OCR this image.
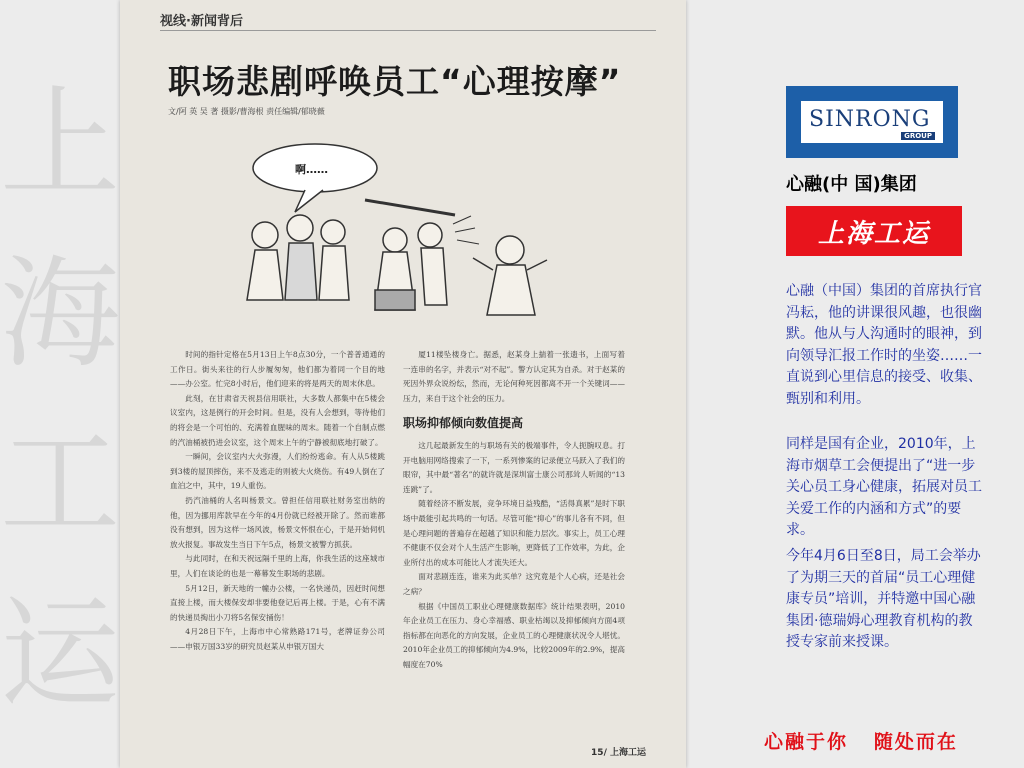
上海工运
视线·新闻背后
职场悲剧呼唤员工“心理按摩”
文/阿 英 吴 著 摄影/曹海根 责任编辑/郁晓薇
啊……

时间的指针定格在5月13日上午8点30分，一个普普通通的工作日。街头来往的行人步履匆匆，他们都为着同一个目的地——办公室。忙完8小时后，他们迎来的将是两天的周末休息。

此刻，在甘肃省天祝县信用联社，大多数人都集中在5楼会议室内，这是例行的开会时间。但是，没有人会想到，等待他们的将会是一个可怕的、充满着血腥味的周末。随着一个自制点燃的汽油桶被扔进会议室，这个周末上午的宁静被彻底地打破了。

一瞬间，会议室内大火弥漫，人们纷纷逃命。有人从5楼跳到3楼的屋顶摔伤，来不及逃走的则被大火烧伤。有49人倒在了血泊之中，其中，19人重伤。

扔汽油桶的人名叫杨景文。曾担任信用联社财务室出纳的他，因为挪用库款早在今年的4月份就已经被开除了。然而谁都没有想到，因为这样一场风波，杨景文怀恨在心，于是开始伺机放火报复。事故发生当日下午5点，杨景文被警方抓获。

与此同时，在和天祝远隔千里的上海，你我生活的这座城市里，人们在谈论的也是一幕幕发生职场的悲剧。

5月12日，新天地的一幢办公楼，一名快递员，因赶时间想直接上楼，而大楼保安却非要他登记后再上楼。于是，心有不满的快递员掏出小刀将5名保安捅伤！

4月28日下午，上海市中心常熟路171号，老牌证券公司——申银万国33岁的研究员赵某从申银万国大

厦11楼坠楼身亡。据悉，赵某身上揣着一张遗书，上面写着一连串的名字，并表示“对不起”。警方认定其为自杀。对于赵某的死因外界众说纷纭，然而，无论何种死因都离不开一个关键词——压力，来自于这个社会的压力。

职场抑郁倾向数值提高

这几起最新发生的与职场有关的极端事件，令人扼腕叹息。打开电脑用网络搜索了一下，一系列惨案的记录便立马跃入了我们的眼帘，其中最“著名”的就许就是深圳富士康公司那耸人听闻的“13连跳”了。

随着经济不断发展，竞争环境日益残酷，“活得真累”是时下职场中最能引起共鸣的一句话。尽管可能“抑心”的事儿各有不同，但是心理问题的普遍存在超越了知识和能力层次。事实上，员工心理不健康不仅会对个人生活产生影响，更降低了工作效率，为此，企业所付出的成本可能比人才流失还大。

面对悲剧连连，谁来为此买单？这究竟是个人心病，还是社会之病？

根据《中国员工职业心理健康数据库》统计结果表明，2010年企业员工在压力、身心幸福感、职业枯竭以及抑郁倾向方面4项指标都在向恶化的方向发展，企业员工的心理健康状况令人堪忧。2010年企业员工的抑郁倾向为4.9%，比较2009年的2.9%，提高幅度在70%

15/ 上海工运
SINRONG
GROUP
心融(中 国)集团
上海工运

心融（中国）集团的首席执行官冯耘，他的讲课很风趣，也很幽默。他从与人沟通时的眼神，到向领导汇报工作时的坐姿……一直说到心里信息的接受、收集、甄别和利用。

同样是国有企业，2010年，上海市烟草工会便提出了“进一步关心员工身心健康，拓展对员工关爱工作的内涵和方式”的要求。

今年4月6日至8日，局工会举办了为期三天的首届“员工心理健康专员”培训，并特邀中国心融集团·德瑞姆心理教育机构的教授专家前来授课。

心融于你   随处而在
